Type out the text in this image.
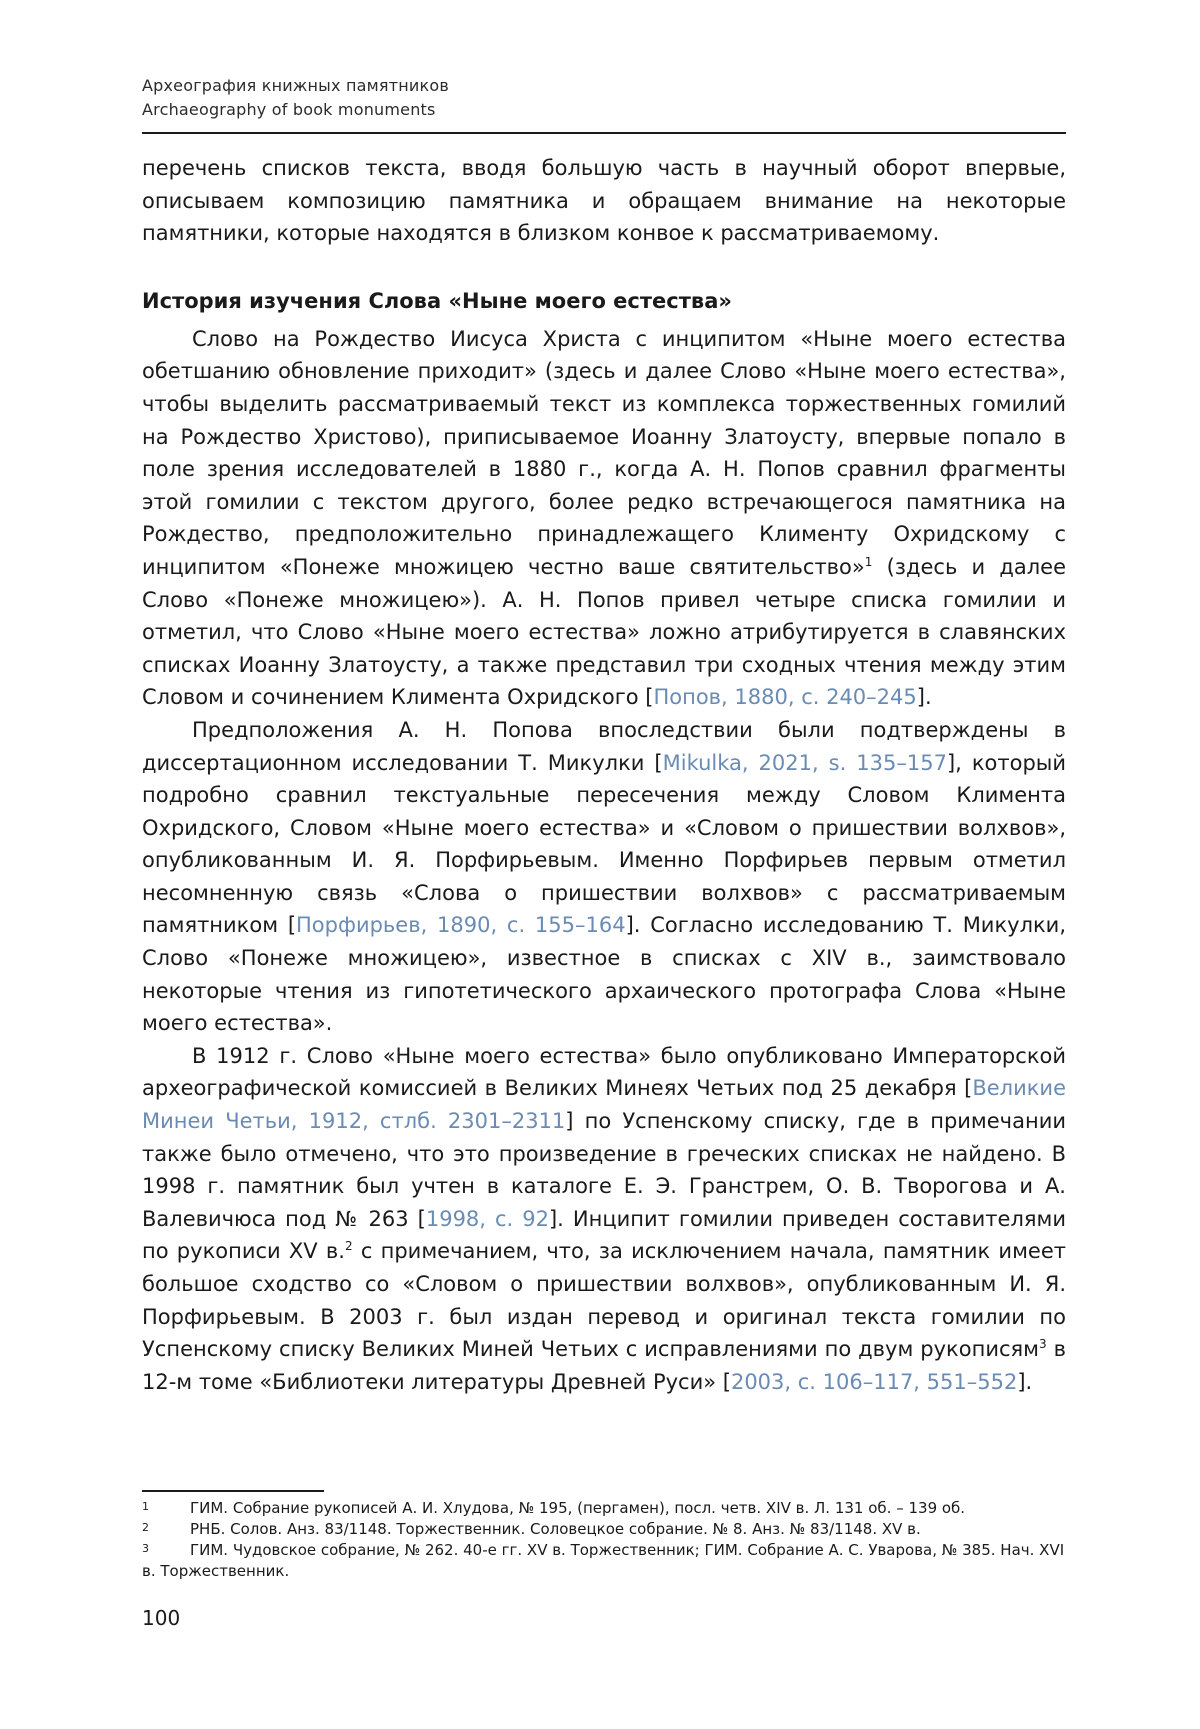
Археография книжных памятников
Archaeography of book monuments

перечень списков текста, вводя большую часть в научный оборот впервые, описываем композицию памятника и обращаем внимание на некоторые памятники, которые находятся в близком конвое к рассматриваемому.

История изучения Слова «Ныне моего естества»

Слово на Рождество Иисуса Христа с инципитом «Ныне моего естества обетшанию обновление приходит» (здесь и далее Слово «Ныне моего естества», чтобы выделить рассматриваемый текст из комплекса торжественных гомилий на Рождество Христово), приписываемое Иоанну Златоусту, впервые попало в поле зрения исследователей в 1880 г., когда А. Н. Попов сравнил фрагменты этой гомилии с текстом другого, более редко встречающегося памятника на Рождество, предположительно принадлежащего Клименту Охридскому с инципитом «Понеже множицею честно ваше святительство»1 (здесь и далее Слово «Понеже множицею»). А. Н. Попов привел четыре списка гомилии и отметил, что Слово «Ныне моего естества» ложно атрибутируется в славянских списках Иоанну Златоусту, а также представил три сходных чтения между этим Словом и сочинением Климента Охридского [Попов, 1880, с. 240–245].

Предположения А. Н. Попова впоследствии были подтверждены в диссертационном исследовании Т. Микулки [Mikulka, 2021, s. 135–157], который подробно сравнил текстуальные пересечения между Словом Климента Охридского, Словом «Ныне моего естества» и «Словом о пришествии волхвов», опубликованным И. Я. Порфирьевым. Именно Порфирьев первым отметил несомненную связь «Слова о пришествии волхвов» с рассматриваемым памятником [Порфирьев, 1890, с. 155–164]. Согласно исследованию Т. Микулки, Слово «Понеже множицею», известное в списках с XIV в., заимствовало некоторые чтения из гипотетического архаического протографа Слова «Ныне моего естества».

В 1912 г. Слово «Ныне моего естества» было опубликовано Императорской археографической комиссией в Великих Минеях Четьих под 25 декабря [Великие Минеи Четьи, 1912, стлб. 2301–2311] по Успенскому списку, где в примечании также было отмечено, что это произведение в греческих списках не найдено. В 1998 г. памятник был учтен в каталоге Е. Э. Гранстрем, О. В. Творогова и А. Валевичюса под № 263 [1998, с. 92]. Инципит гомилии приведен составителями по рукописи XV в.2 с примечанием, что, за исключением начала, памятник имеет большое сходство со «Словом о пришествии волхвов», опубликованным И. Я. Порфирьевым. В 2003 г. был издан перевод и оригинал текста гомилии по Успенскому списку Великих Миней Четьих с исправлениями по двум рукописям3 в 12-м томе «Библиотеки литературы Древней Руси» [2003, с. 106–117, 551–552].

1	ГИМ. Собрание рукописей А. И. Хлудова, № 195, (пергамен), посл. четв. XIV в. Л. 131 об. – 139 об.

2	РНБ. Солов. Анз. 83/1148. Торжественник. Соловецкое собрание. № 8. Анз. № 83/1148. XV в.

3	ГИМ. Чудовское собрание, № 262. 40-е гг. XV в. Торжественник; ГИМ. Собрание А. С. Уварова, № 385. Нач. XVI в. Торжественник.

100
